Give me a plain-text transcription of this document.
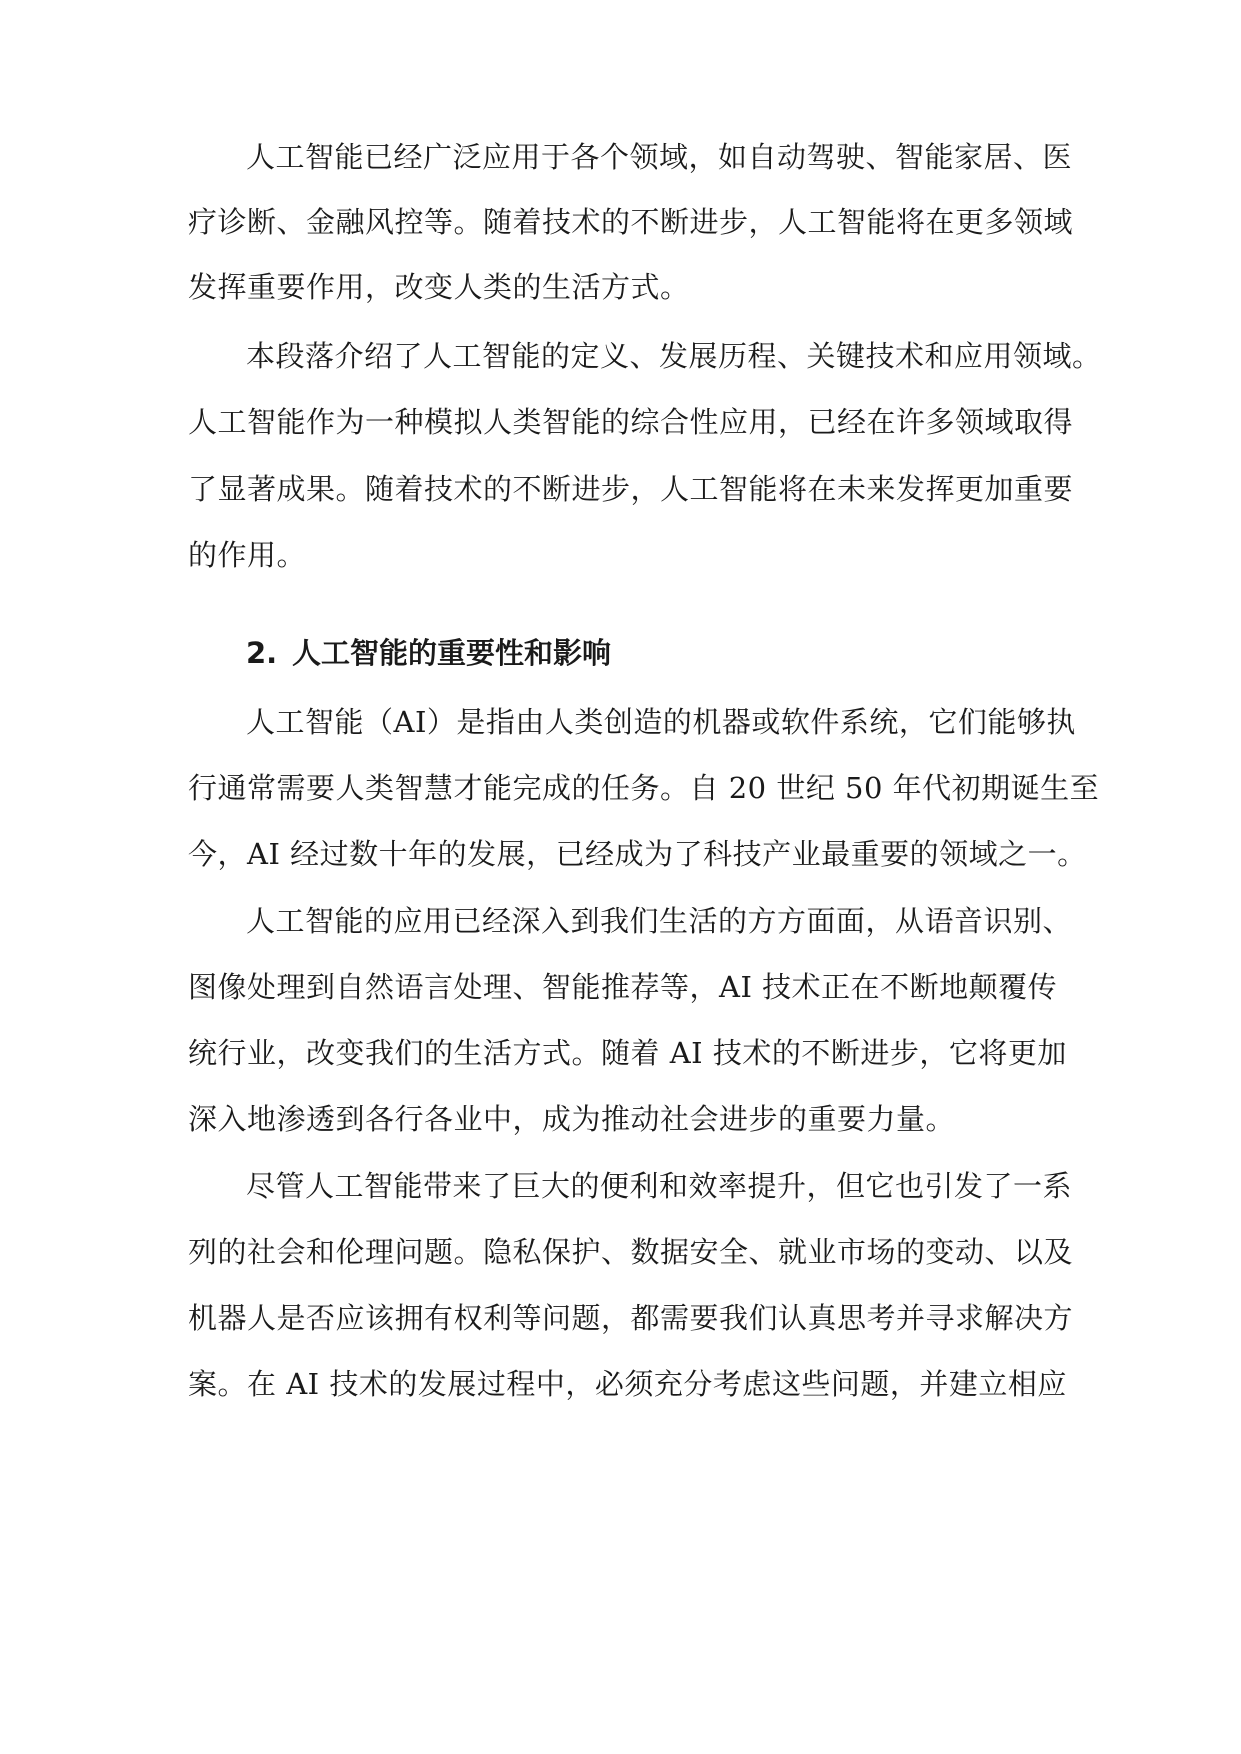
人工智能已经广泛应用于各个领域，如自动驾驶、智能家居、医
疗诊断、金融风控等。随着技术的不断进步，人工智能将在更多领域
发挥重要作用，改变人类的生活方式。
本段落介绍了人工智能的定义、发展历程、关键技术和应用领域。
人工智能作为一种模拟人类智能的综合性应用，已经在许多领域取得
了显著成果。随着技术的不断进步，人工智能将在未来发挥更加重要
的作用。
2. 人工智能的重要性和影响
人工智能（AI）是指由人类创造的机器或软件系统，它们能够执
行通常需要人类智慧才能完成的任务。自 20 世纪 50 年代初期诞生至
今，AI 经过数十年的发展，已经成为了科技产业最重要的领域之一。
人工智能的应用已经深入到我们生活的方方面面，从语音识别、
图像处理到自然语言处理、智能推荐等，AI 技术正在不断地颠覆传
统行业，改变我们的生活方式。随着 AI 技术的不断进步，它将更加
深入地渗透到各行各业中，成为推动社会进步的重要力量。
尽管人工智能带来了巨大的便利和效率提升，但它也引发了一系
列的社会和伦理问题。隐私保护、数据安全、就业市场的变动、以及
机器人是否应该拥有权利等问题，都需要我们认真思考并寻求解决方
案。在 AI 技术的发展过程中，必须充分考虑这些问题，并建立相应
